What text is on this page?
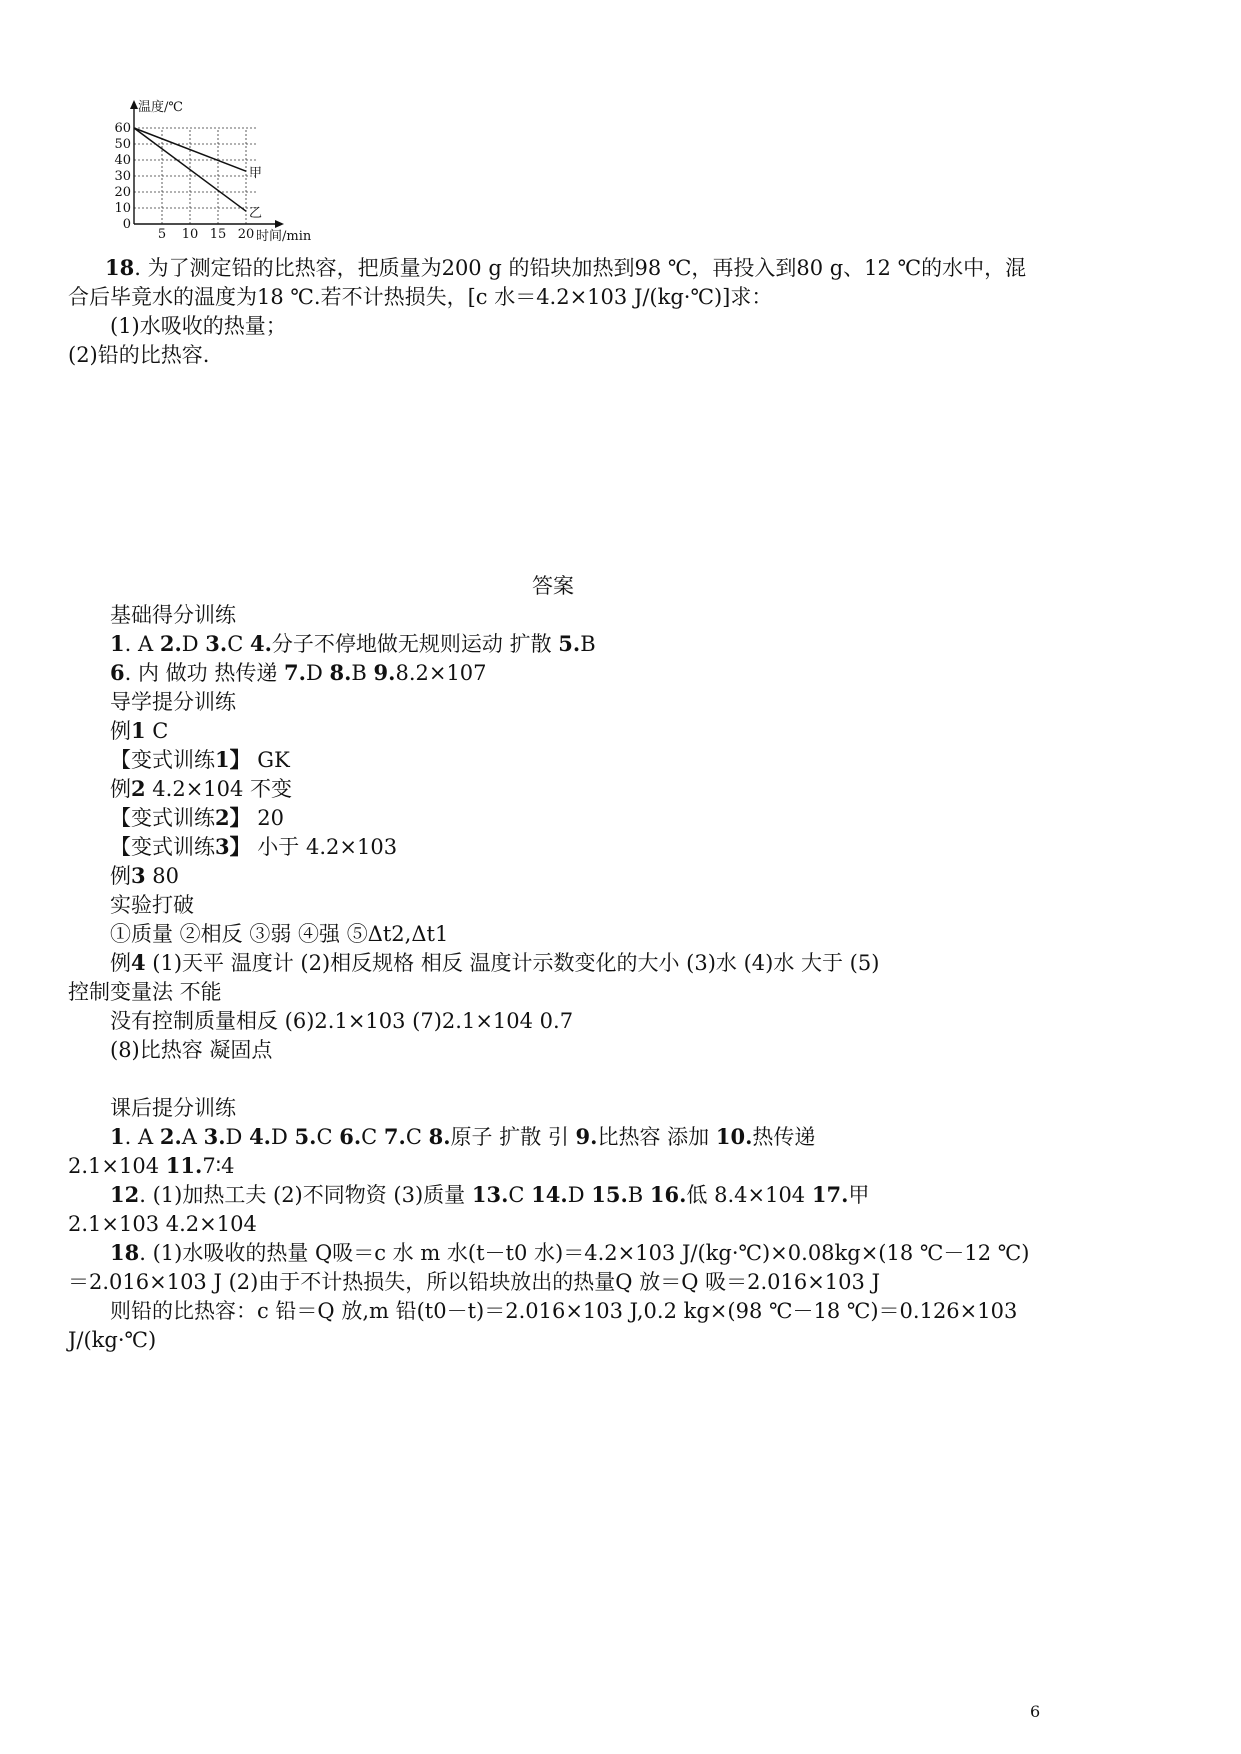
温度/℃
时间/min
0
10
20
30
40
50
60
5 10 15 20
甲
乙
18. 为了测定铅的比热容，把质量为200 g 的铅块加热到98 ℃，再投入到80 g、12 ℃的水中，混
合后毕竟水的温度为18 ℃.若不计热损失，[c 水＝4.2×103 J/(kg·℃)]求：
(1)水吸收的热量；
(2)铅的比热容.
答案
基础得分训练
1. A 2.D 3.C 4.分子不停地做无规则运动 扩散 5.B
6. 内 做功 热传递 7.D 8.B 9.8.2×107
导学提分训练
例1 C
【变式训练1】 GK
例2 4.2×104 不变
【变式训练2】 20
【变式训练3】 小于 4.2×103
例3 80
实验打破
①质量 ②相反 ③弱 ④强 ⑤Δt2,Δt1
例4 (1)天平 温度计 (2)相反规格 相反 温度计示数变化的大小 (3)水 (4)水 大于 (5)
控制变量法 不能
没有控制质量相反 (6)2.1×103 (7)2.1×104 0.7
(8)比热容 凝固点
课后提分训练
1. A 2.A 3.D 4.D 5.C 6.C 7.C 8.原子 扩散 引 9.比热容 添加 10.热传递
2.1×104 11.7∶4
12. (1)加热工夫 (2)不同物资 (3)质量 13.C 14.D 15.B 16.低 8.4×104 17.甲
2.1×103 4.2×104
18. (1)水吸收的热量 Q吸＝c 水 m 水(t－t0 水)＝4.2×103 J/(kg·℃)×0.08kg×(18 ℃－12 ℃)
＝2.016×103 J (2)由于不计热损失，所以铅块放出的热量Q 放＝Q 吸＝2.016×103 J
则铅的比热容：c 铅＝Q 放,m 铅(t0－t)＝2.016×103 J,0.2 kg×(98 ℃－18 ℃)＝0.126×103
J/(kg·℃)
6
